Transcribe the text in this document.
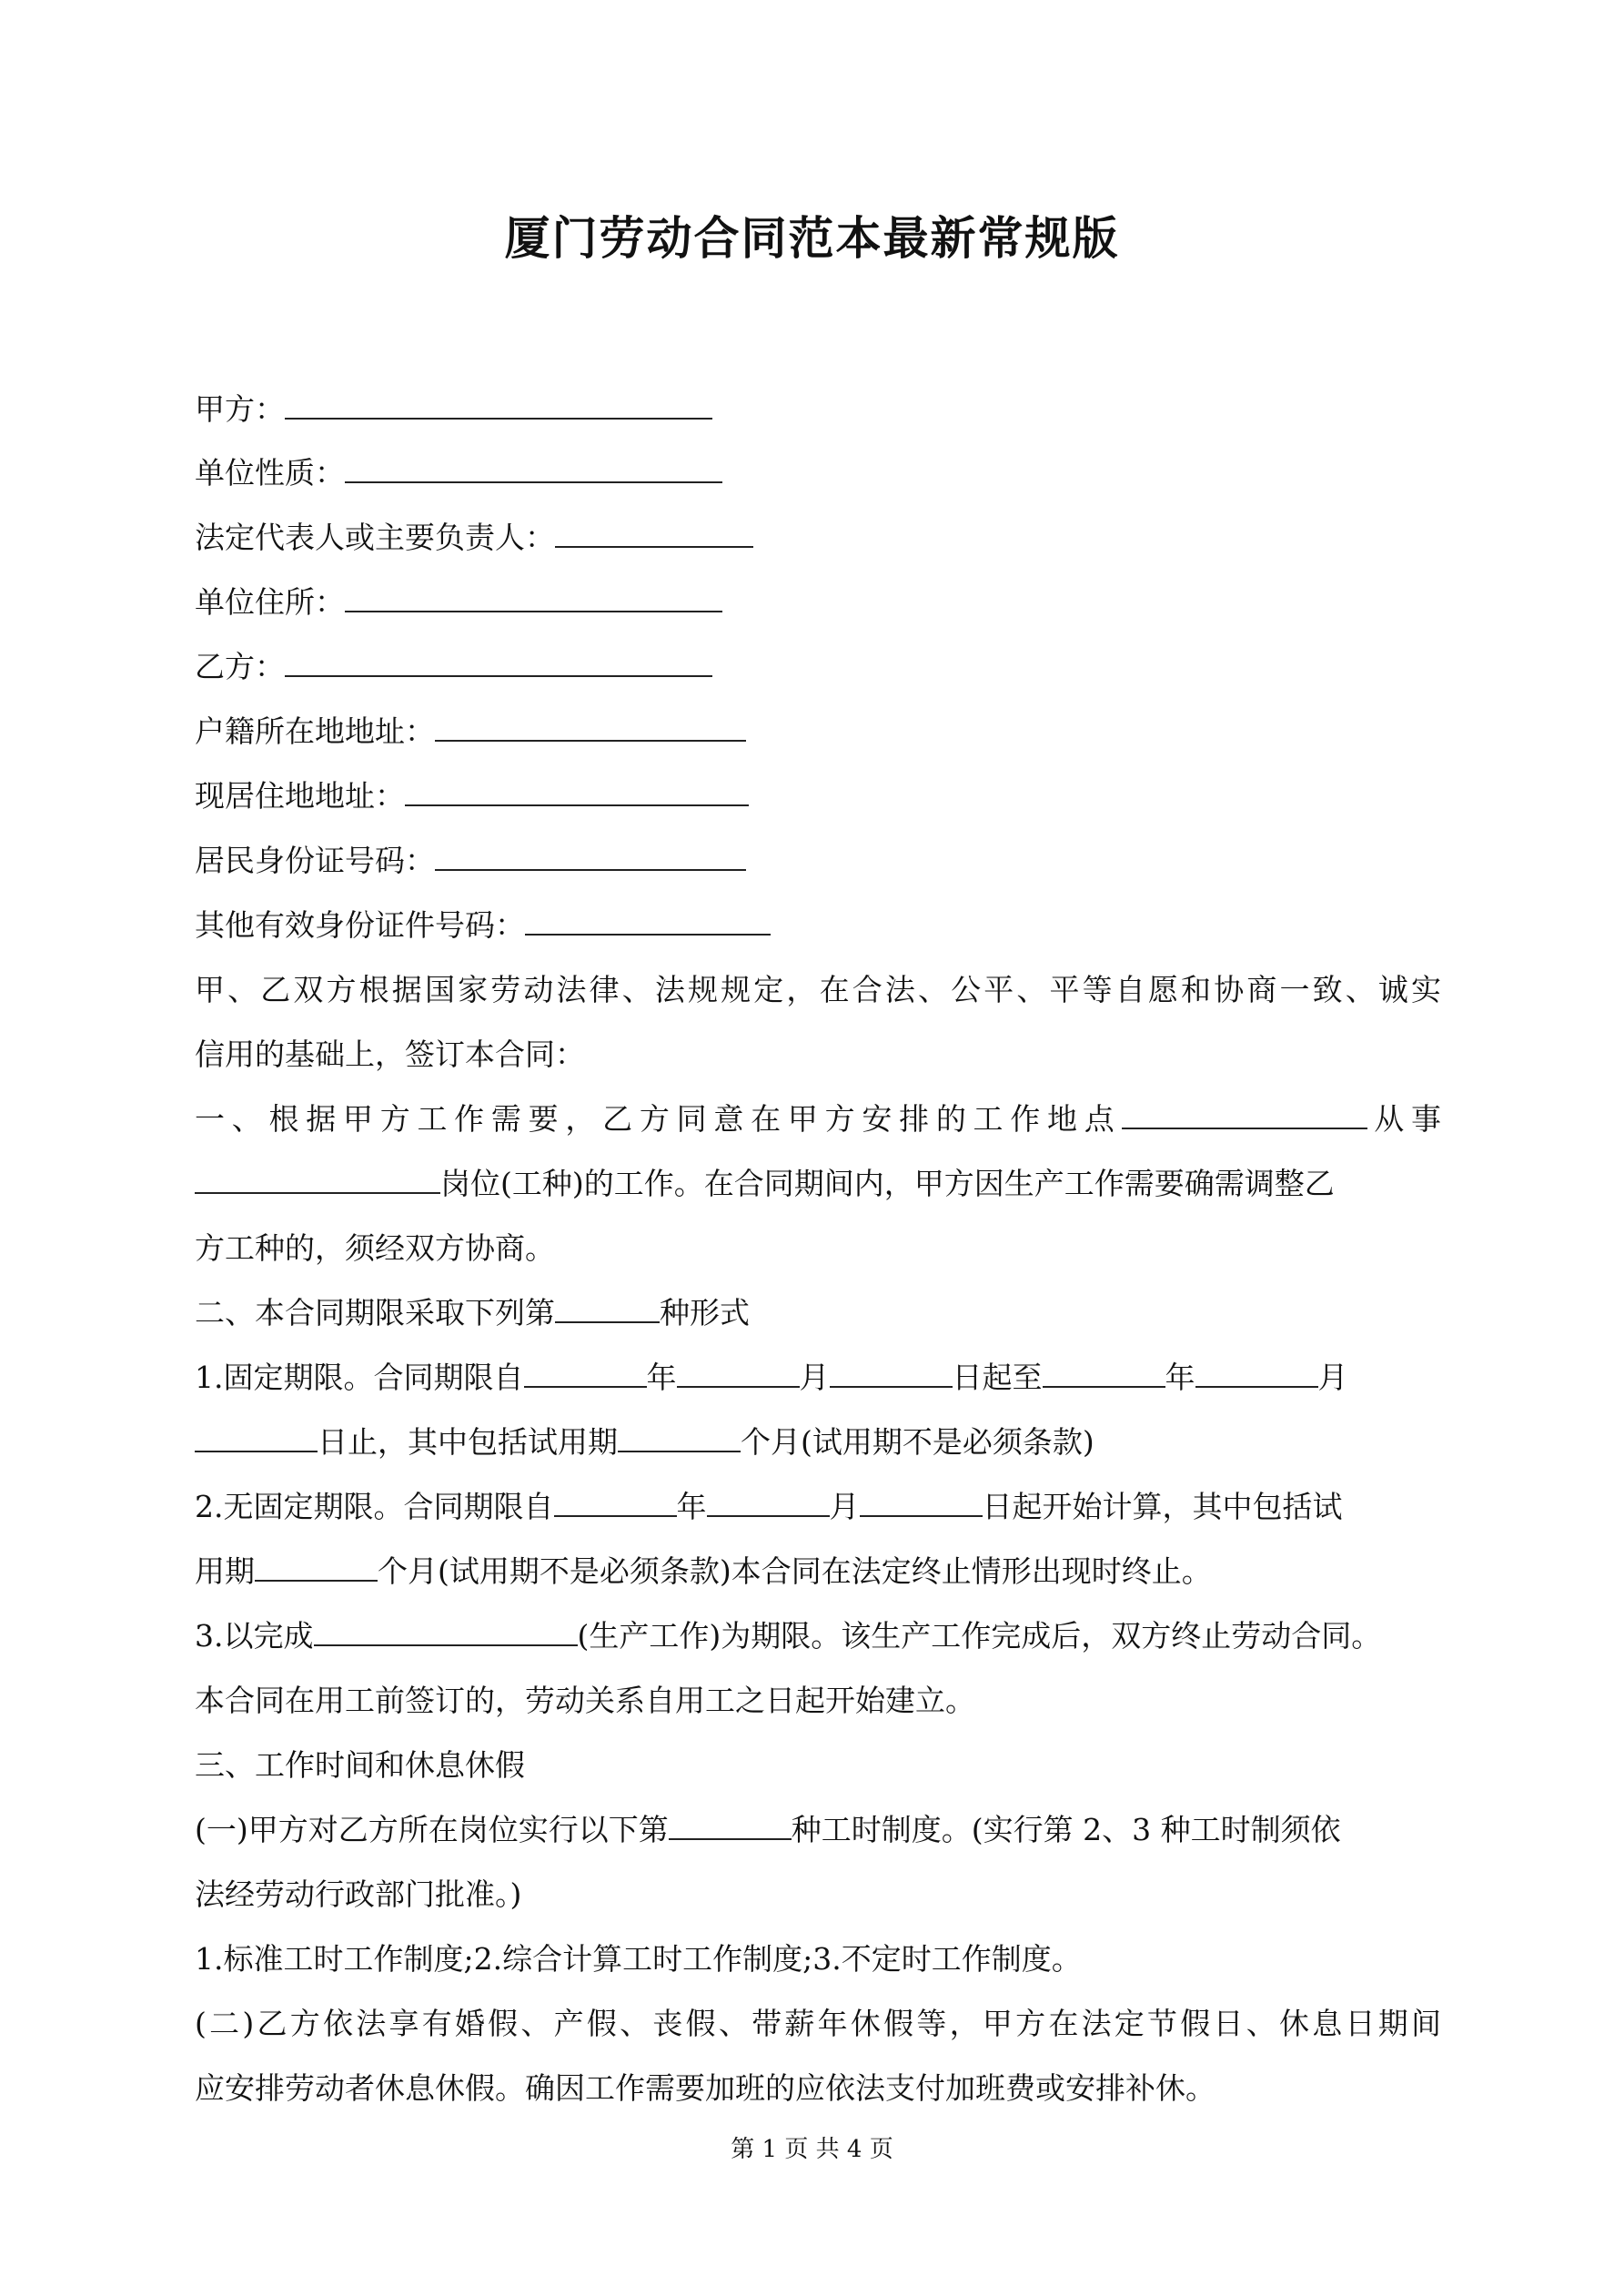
厦门劳动合同范本最新常规版

甲方：

单位性质：

法定代表人或主要负责人：

单位住所：

乙方：

户籍所在地地址：

现居住地地址：

居民身份证号码：

其他有效身份证件号码：

甲、乙双方根据国家劳动法律、法规规定，在合法、公平、平等自愿和协商一致、诚实

信用的基础上，签订本合同：

一、根据甲方工作需要，乙方同意在甲方安排的工作地点	从事

岗位(工种)的工作。在合同期间内，甲方因生产工作需要确需调整乙

方工种的，须经双方协商。

二、本合同期限采取下列第	种形式

1.固定期限。合同期限自	年	月	日起至	年	月

日止，其中包括试用期	个月(试用期不是必须条款)

2.无固定期限。合同期限自	年	月	日起开始计算，其中包括试

用期	个月(试用期不是必须条款)本合同在法定终止情形出现时终止。

3.以完成	(生产工作)为期限。该生产工作完成后，双方终止劳动合同。

本合同在用工前签订的，劳动关系自用工之日起开始建立。

三、工作时间和休息休假

(一)甲方对乙方所在岗位实行以下第	种工时制度。(实行第 2、3 种工时制须依

法经劳动行政部门批准。)

1.标准工时工作制度;2.综合计算工时工作制度;3.不定时工作制度。

(二)乙方依法享有婚假、产假、丧假、带薪年休假等，甲方在法定节假日、休息日期间

应安排劳动者休息休假。确因工作需要加班的应依法支付加班费或安排补休。

第 1 页 共 4 页
